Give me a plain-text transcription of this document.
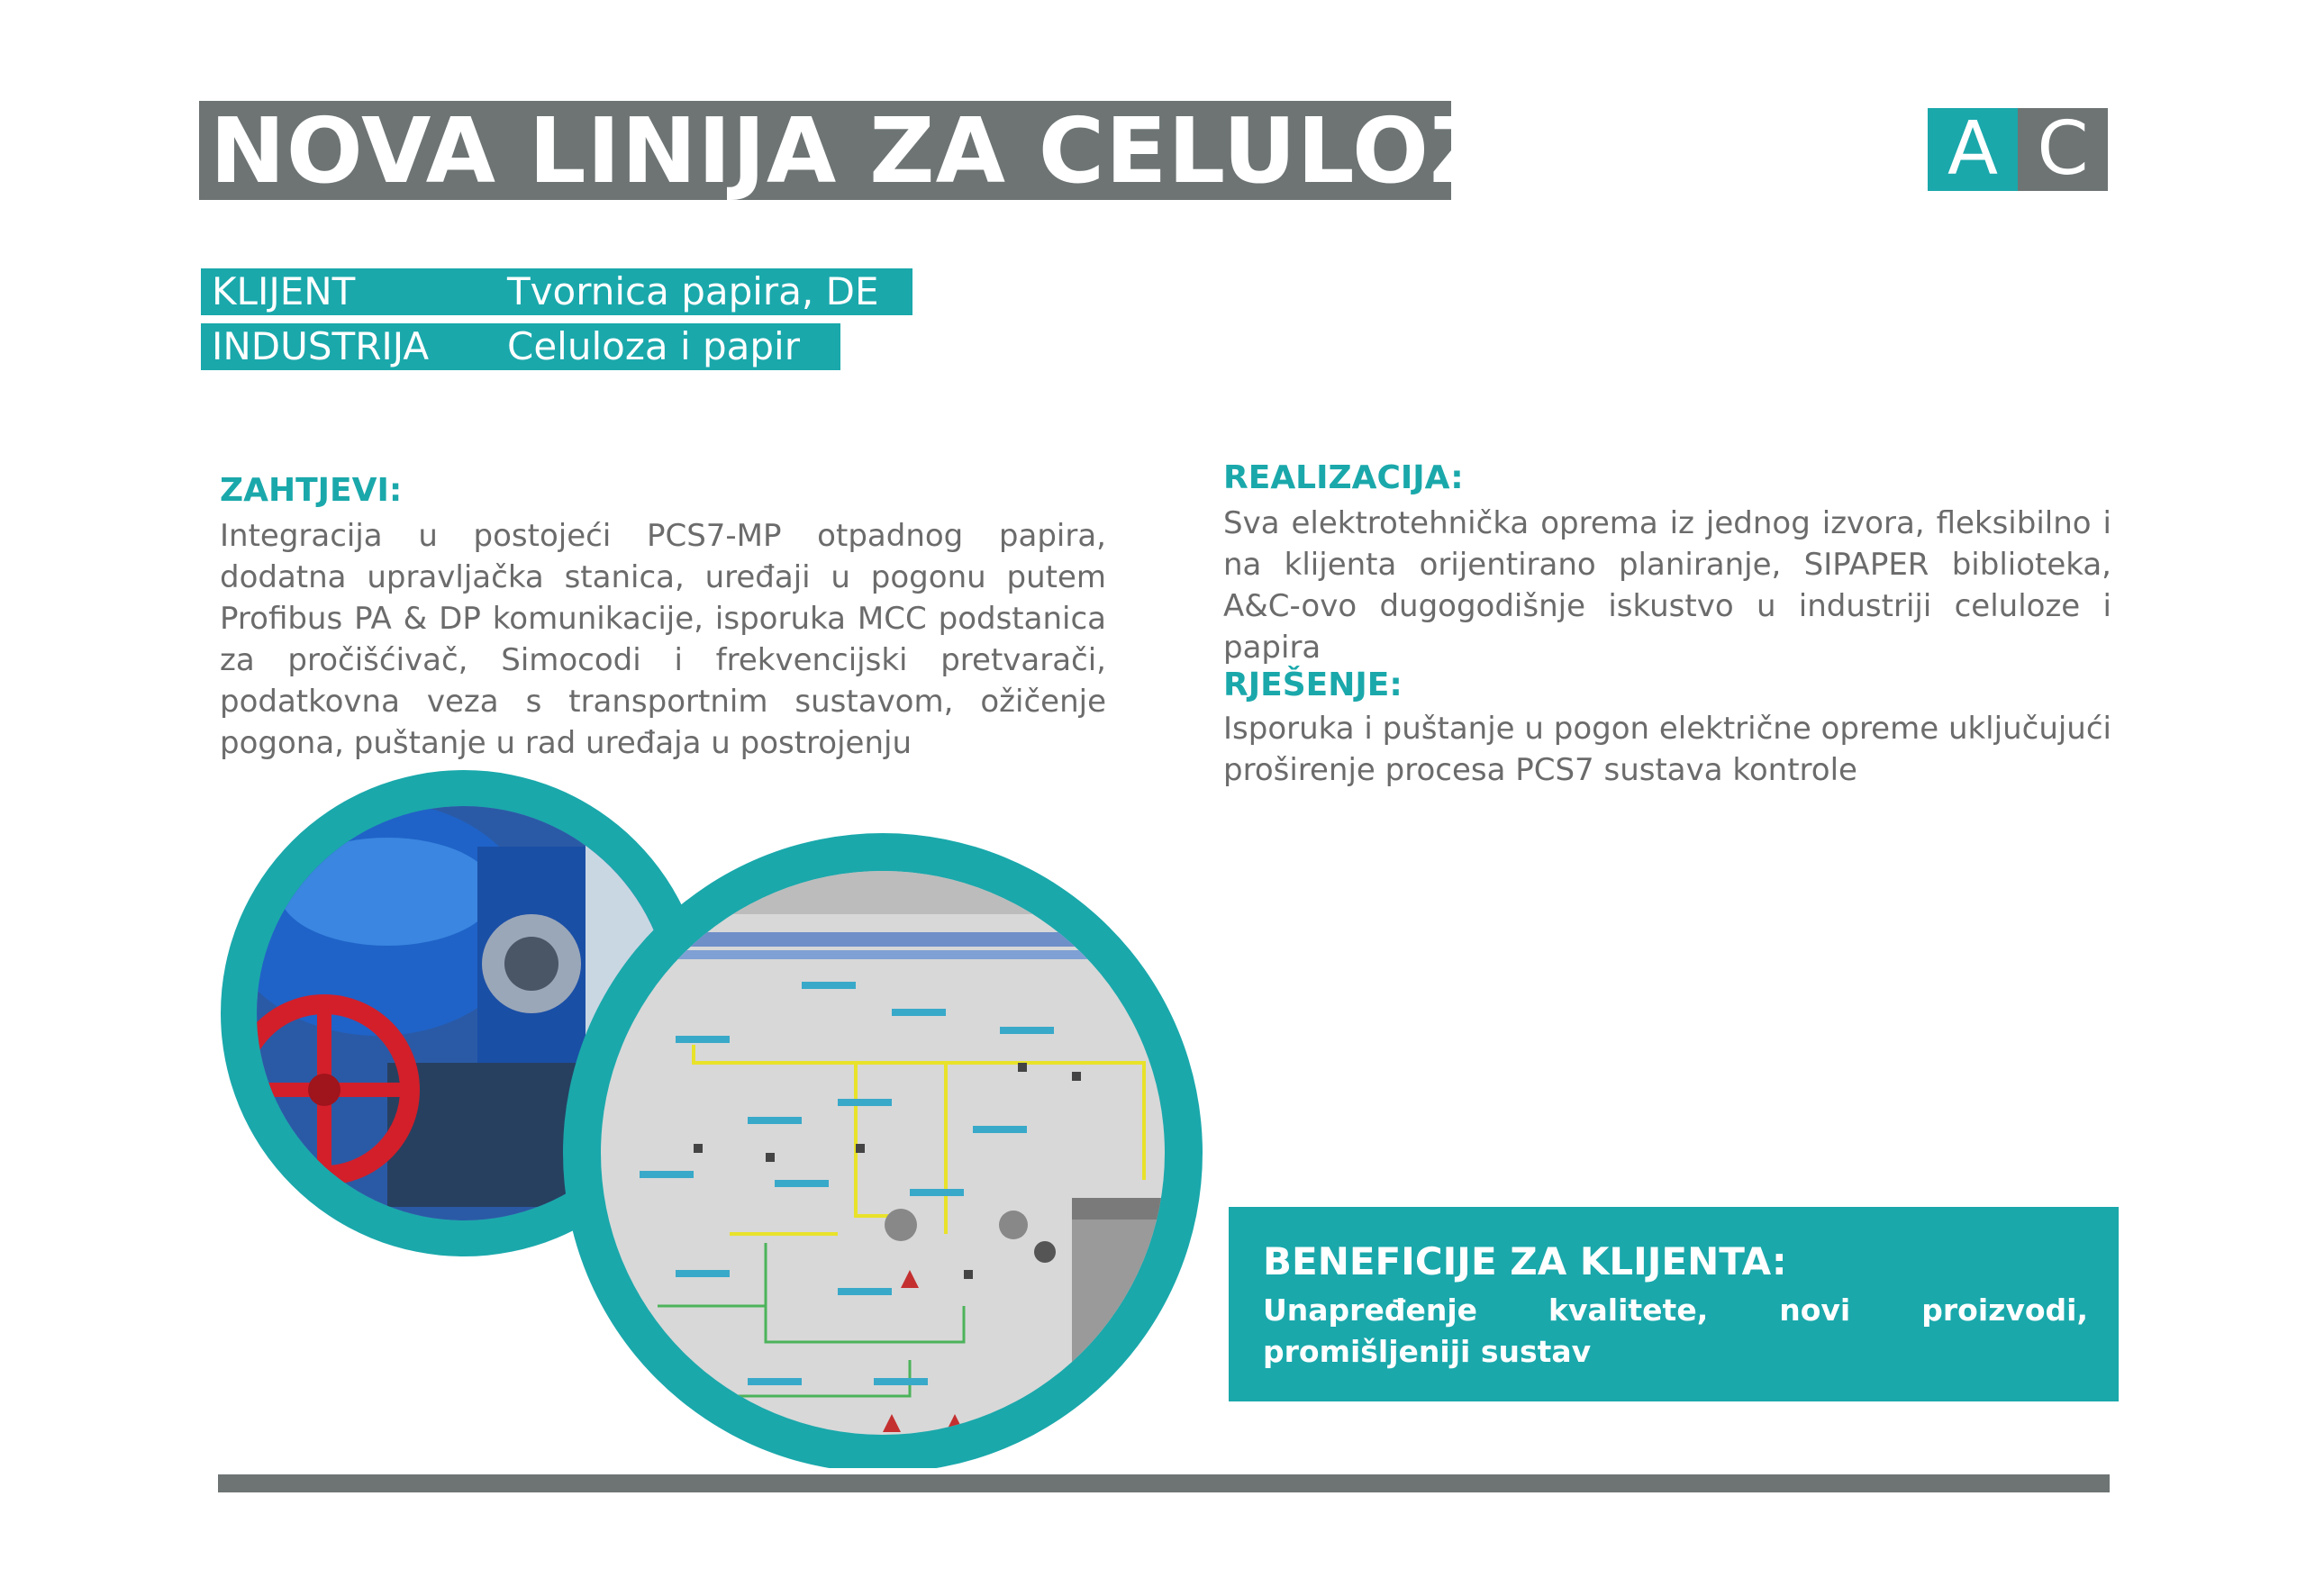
NOVA LINIJA ZA CELULOZU	A C
KLIJENT	Tvornica papira, DE
INDUSTRIJA Celuloza i papir
ZAHTJEVI:
Integracija u postojeći PCS7-MP otpadnog papira, dodatna upravljačka stanica, uređaji u pogonu putem Profibus PA & DP komunikacije, isporuka MCC podstanica za pročišćivač, Simocodi i frekvencijski pretvarači, podatkovna veza s transportnim sustavom, ožičenje pogona, puštanje u rad uređaja u postrojenju
REALIZACIJA:
Sva elektrotehnička oprema iz jednog izvora, fleksibilno i na klijenta orijentirano planiranje, SIPAPER biblioteka, A&C-ovo dugogodišnje iskustvo u industriji celuloze i papira
RJEŠENJE:
Isporuka i puštanje u pogon električne opreme uključujući proširenje procesa PCS7 sustava kontrole
BENEFICIJE ZA KLIJENTA:
Unapređenje kvalitete, novi proizvodi, promišljeniji sustav
